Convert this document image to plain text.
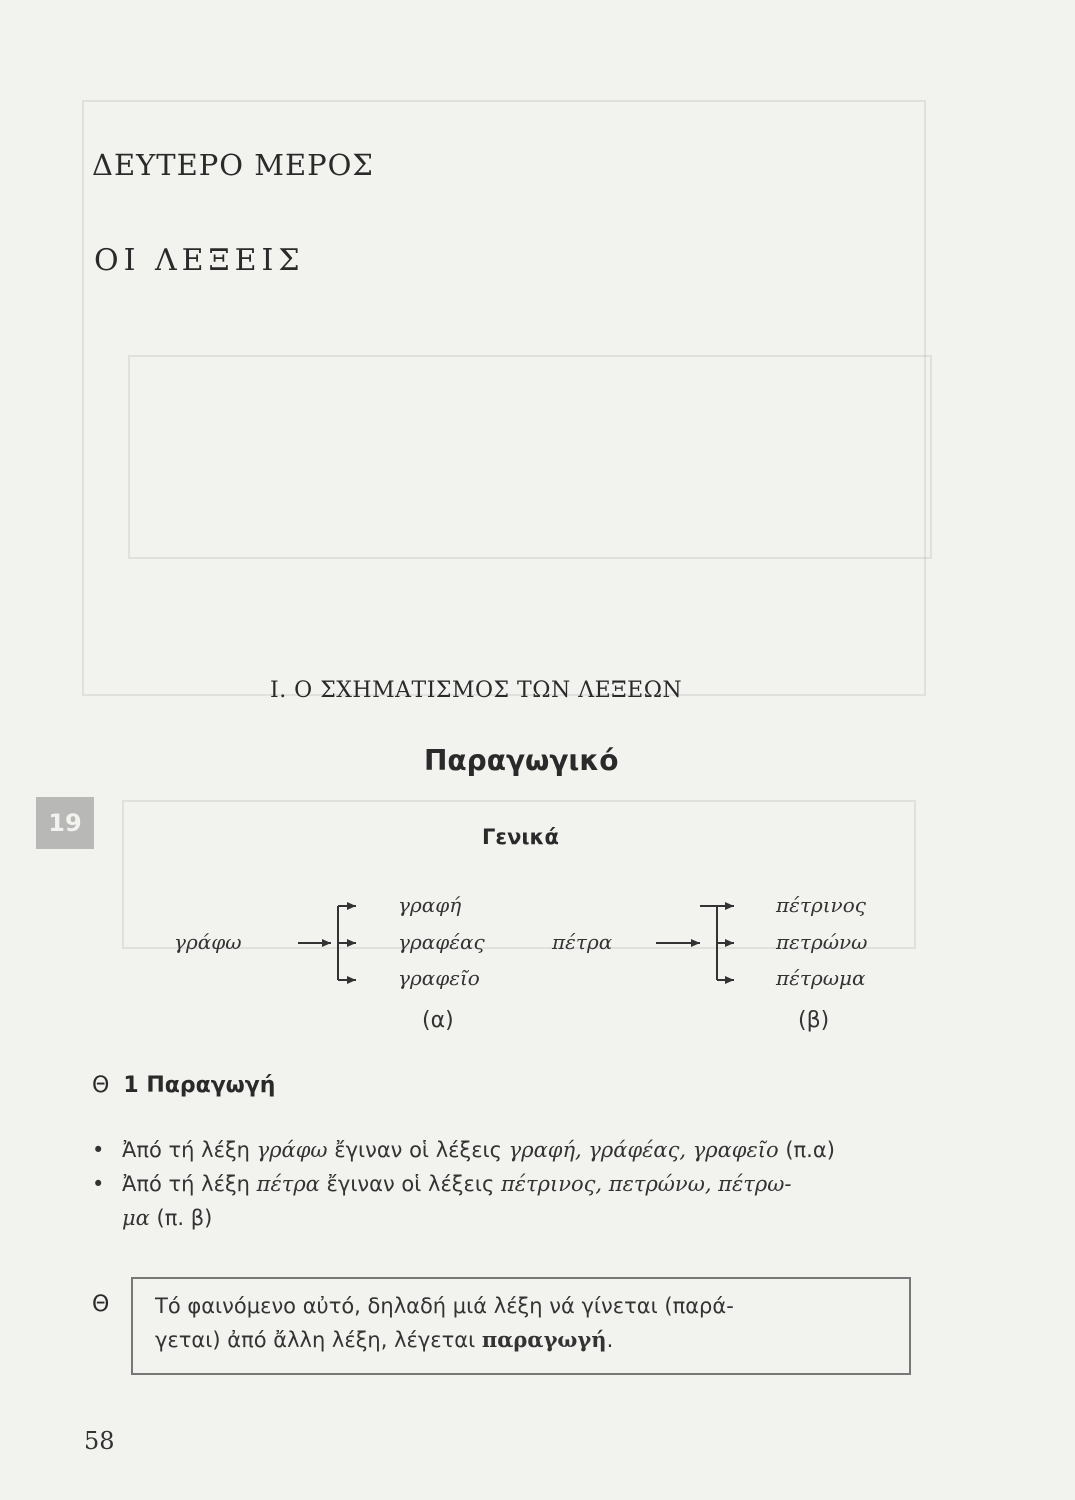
ΔΕΥΤΕΡΟ ΜΕΡΟΣ
ΟΙ ΛΕΞΕΙΣ
Ι. Ο ΣΧΗΜΑΤΙΣΜΟΣ ΤΩΝ ΛΕΞΕΩΝ
Παραγωγικό
19	Γενικά
γράφω
γραφή
γραφέας
γραφεῖο
(α)
πέτρα
πέτρινος
πετρώνω
πέτρωμα
(β)
Θ 1 Παραγωγή
• Ἀπό τή λέξη γράφω ἔγιναν οἱ λέξεις γραφή, γράφέας, γραφεῖο (π.α)
• Ἀπό τή λέξη πέτρα ἔγιναν οἱ λέξεις πέτρινος, πετρώνω, πέτρω-
μα (π. β)
Θ Τό φαινόμενο αὐτό, δηλαδή μιά λέξη νά γίνεται (παρά-
γεται) ἀπό ἄλλη λέξη, λέγεται παραγωγή.
58
